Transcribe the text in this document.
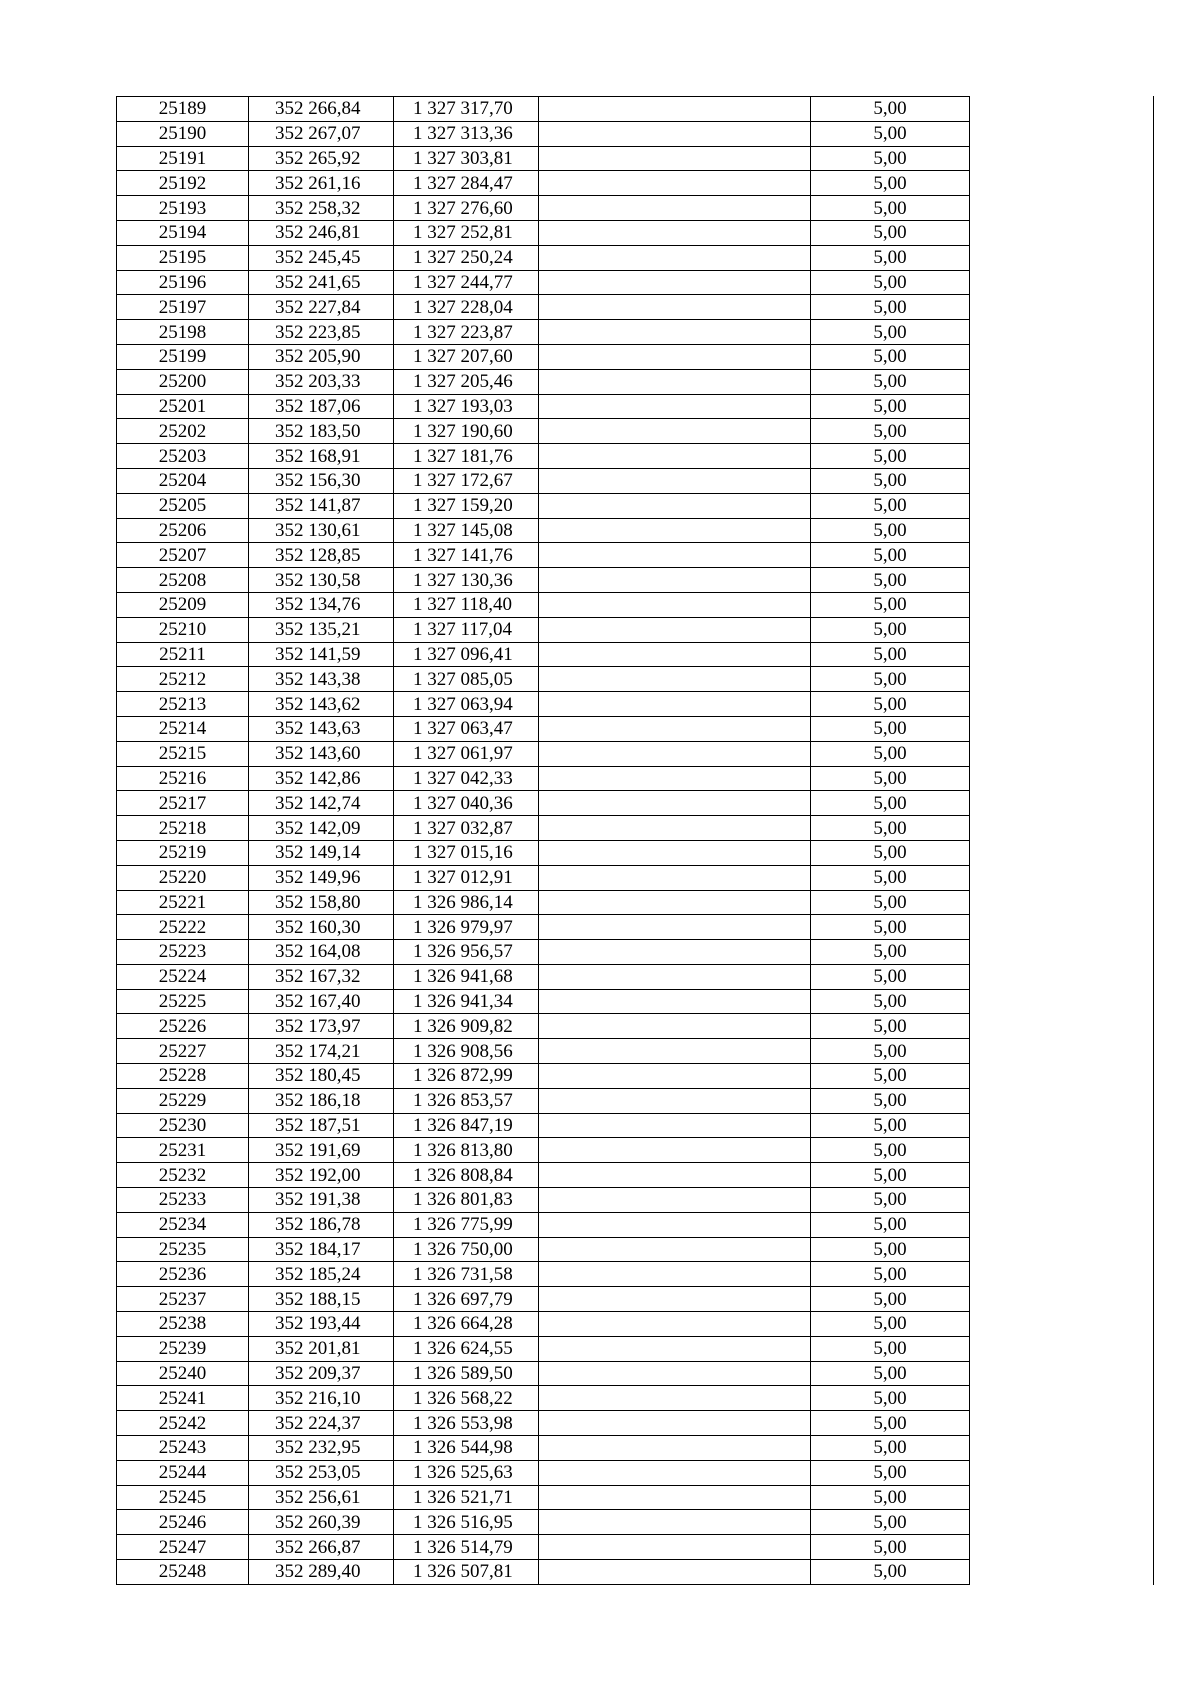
25189	352 266,84	1 327 317,70		5,00	
25190	352 267,07	1 327 313,36		5,00	
25191	352 265,92	1 327 303,81		5,00	
25192	352 261,16	1 327 284,47		5,00	
25193	352 258,32	1 327 276,60		5,00	
25194	352 246,81	1 327 252,81		5,00	
25195	352 245,45	1 327 250,24		5,00	
25196	352 241,65	1 327 244,77		5,00	
25197	352 227,84	1 327 228,04		5,00	
25198	352 223,85	1 327 223,87		5,00	
25199	352 205,90	1 327 207,60		5,00	
25200	352 203,33	1 327 205,46		5,00	
25201	352 187,06	1 327 193,03		5,00	
25202	352 183,50	1 327 190,60		5,00	
25203	352 168,91	1 327 181,76		5,00	
25204	352 156,30	1 327 172,67		5,00	
25205	352 141,87	1 327 159,20		5,00	
25206	352 130,61	1 327 145,08		5,00	
25207	352 128,85	1 327 141,76		5,00	
25208	352 130,58	1 327 130,36		5,00	
25209	352 134,76	1 327 118,40		5,00	
25210	352 135,21	1 327 117,04		5,00	
25211	352 141,59	1 327 096,41		5,00	
25212	352 143,38	1 327 085,05		5,00	
25213	352 143,62	1 327 063,94		5,00	
25214	352 143,63	1 327 063,47		5,00	
25215	352 143,60	1 327 061,97		5,00	
25216	352 142,86	1 327 042,33		5,00	
25217	352 142,74	1 327 040,36		5,00	
25218	352 142,09	1 327 032,87		5,00	
25219	352 149,14	1 327 015,16		5,00	
25220	352 149,96	1 327 012,91		5,00	
25221	352 158,80	1 326 986,14		5,00	
25222	352 160,30	1 326 979,97		5,00	
25223	352 164,08	1 326 956,57		5,00	
25224	352 167,32	1 326 941,68		5,00	
25225	352 167,40	1 326 941,34		5,00	
25226	352 173,97	1 326 909,82		5,00	
25227	352 174,21	1 326 908,56		5,00	
25228	352 180,45	1 326 872,99		5,00	
25229	352 186,18	1 326 853,57		5,00	
25230	352 187,51	1 326 847,19		5,00	
25231	352 191,69	1 326 813,80		5,00	
25232	352 192,00	1 326 808,84		5,00	
25233	352 191,38	1 326 801,83		5,00	
25234	352 186,78	1 326 775,99		5,00	
25235	352 184,17	1 326 750,00		5,00	
25236	352 185,24	1 326 731,58		5,00	
25237	352 188,15	1 326 697,79		5,00	
25238	352 193,44	1 326 664,28		5,00	
25239	352 201,81	1 326 624,55		5,00	
25240	352 209,37	1 326 589,50		5,00	
25241	352 216,10	1 326 568,22		5,00	
25242	352 224,37	1 326 553,98		5,00	
25243	352 232,95	1 326 544,98		5,00	
25244	352 253,05	1 326 525,63		5,00	
25245	352 256,61	1 326 521,71		5,00	
25246	352 260,39	1 326 516,95		5,00	
25247	352 266,87	1 326 514,79		5,00	
25248	352 289,40	1 326 507,81		5,00	
